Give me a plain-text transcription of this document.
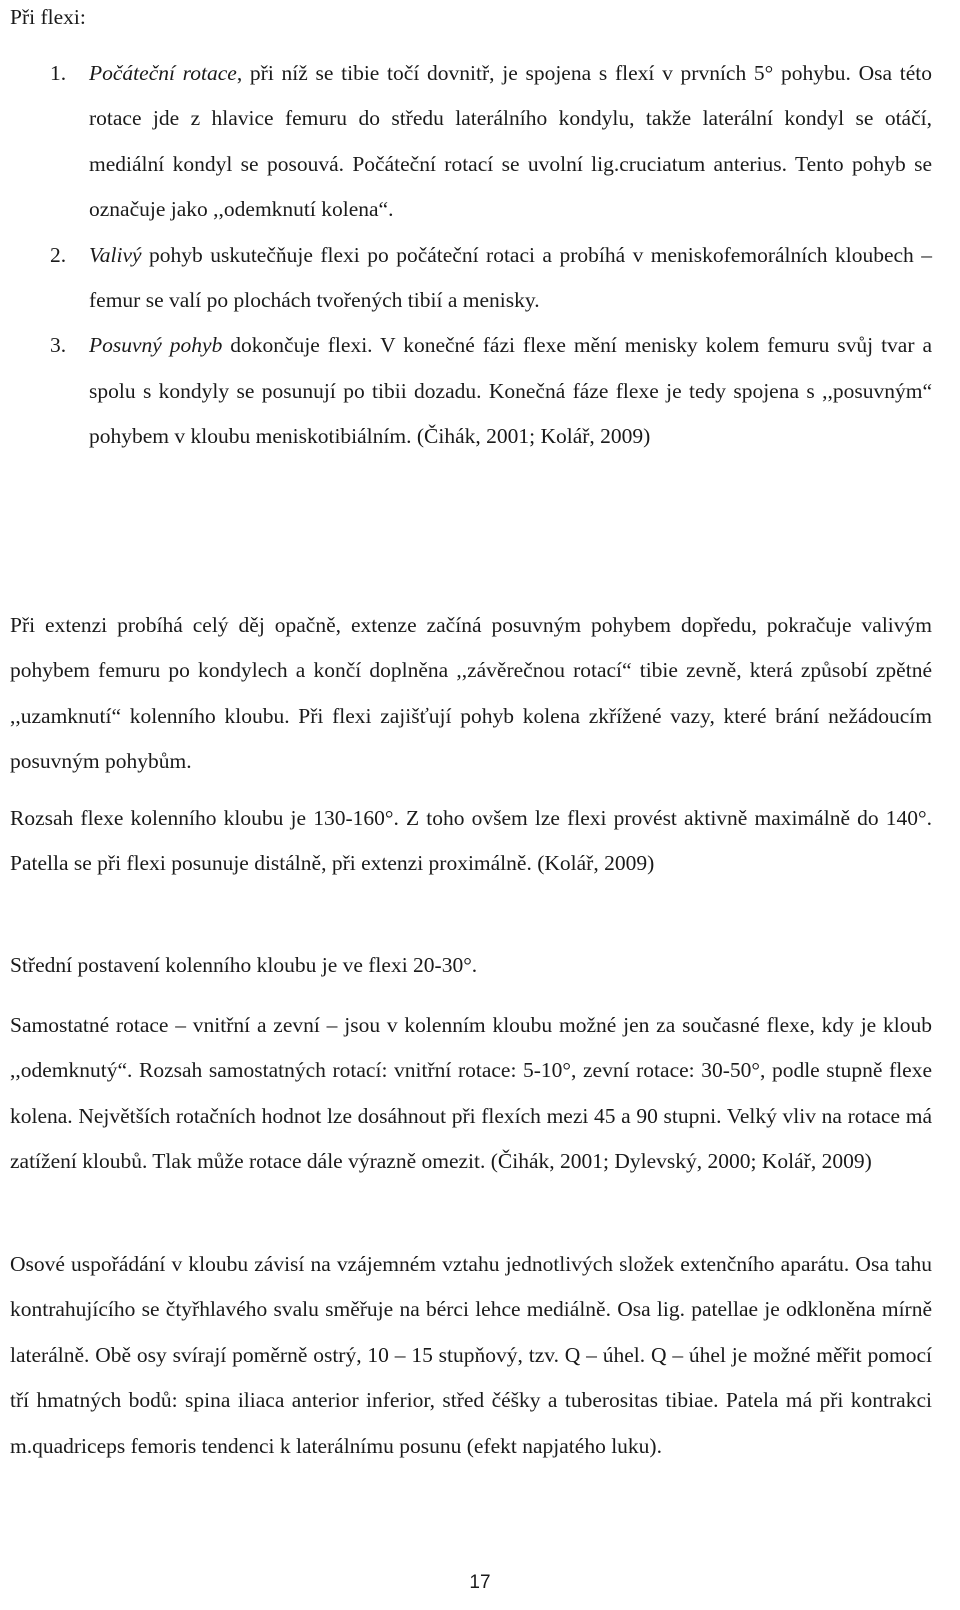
Při flexi:
1. Počáteční rotace, při níž se tibie točí dovnitř, je spojena s flexí v prvních 5° pohybu. Osa této rotace jde z hlavice femuru do středu laterálního kondylu, takže laterální kondyl se otáčí, mediální kondyl se posouvá. Počáteční rotací se uvolní lig.cruciatum anterius. Tento pohyb se označuje jako ,,odemknutí kolena“.
2. Valivý pohyb uskutečňuje flexi po počáteční rotaci a probíhá v meniskofemorálních kloubech – femur se valí po plochách tvořených tibií a menisky.
3. Posuvný pohyb dokončuje flexi. V konečné fázi flexe mění menisky kolem femuru svůj tvar a spolu s kondyly se posunují po tibii dozadu. Konečná fáze flexe je tedy spojena s ,,posuvným“ pohybem v kloubu meniskotibiálním. (Čihák, 2001; Kolář, 2009)

Při extenzi probíhá celý děj opačně, extenze začíná posuvným pohybem dopředu, pokračuje valivým pohybem femuru po kondylech a končí doplněna ,,závěrečnou rotací“ tibie zevně, která způsobí zpětné ,,uzamknutí“ kolenního kloubu. Při flexi zajišťují pohyb kolena zkřížené vazy, které brání nežádoucím posuvným pohybům.

Rozsah flexe kolenního kloubu je 130-160°. Z toho ovšem lze flexi provést aktivně maximálně do 140°. Patella se při flexi posunuje distálně, při extenzi proximálně. (Kolář, 2009)

Střední postavení kolenního kloubu je ve flexi 20-30°.

Samostatné rotace – vnitřní a zevní – jsou v kolenním kloubu možné jen za současné flexe, kdy je kloub ,,odemknutý“. Rozsah samostatných rotací: vnitřní rotace: 5-10°, zevní rotace: 30-50°, podle stupně flexe kolena. Největších rotačních hodnot lze dosáhnout při flexích mezi 45 a 90 stupni. Velký vliv na rotace má zatížení kloubů. Tlak může rotace dále výrazně omezit. (Čihák, 2001; Dylevský, 2000; Kolář, 2009)

Osové uspořádání v kloubu závisí na vzájemném vztahu jednotlivých složek extenčního aparátu. Osa tahu kontrahujícího se čtyřhlavého svalu směřuje na bérci lehce mediálně. Osa lig. patellae je odkloněna mírně laterálně. Obě osy svírají poměrně ostrý, 10 – 15 stupňový, tzv. Q – úhel. Q – úhel je možné měřit pomocí tří hmatných bodů: spina iliaca anterior inferior, střed čéšky a tuberositas tibiae. Patela má při kontrakci m.quadriceps femoris tendenci k laterálnímu posunu (efekt napjatého luku).

17
